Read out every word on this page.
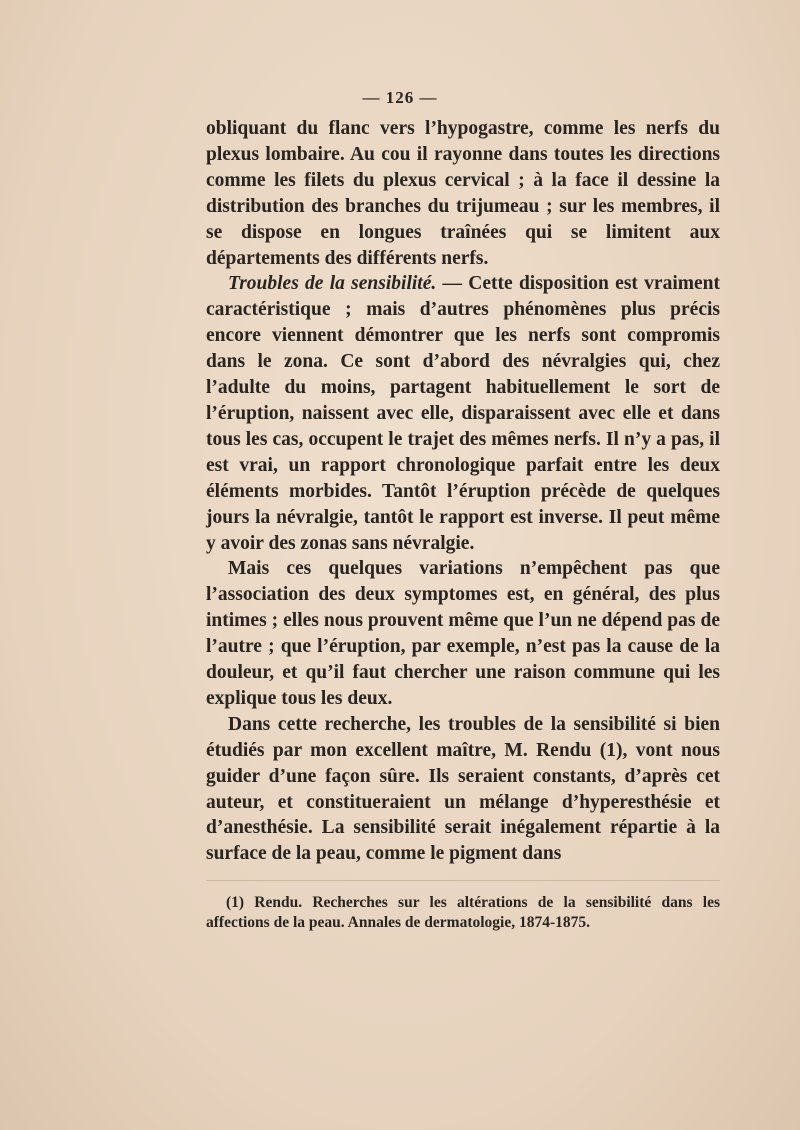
— 126 —

obliquant du flanc vers l’hypogastre, comme les nerfs du plexus lombaire. Au cou il rayonne dans toutes les directions comme les filets du plexus cervical ; à la face il dessine la distribution des branches du trijumeau ; sur les membres, il se dispose en longues traînées qui se limitent aux départements des différents nerfs.

Troubles de la sensibilité. — Cette disposition est vraiment caractéristique ; mais d’autres phénomènes plus précis encore viennent démontrer que les nerfs sont compromis dans le zona. Ce sont d’abord des névralgies qui, chez l’adulte du moins, partagent habituellement le sort de l’éruption, naissent avec elle, disparaissent avec elle et dans tous les cas, occupent le trajet des mêmes nerfs. Il n’y a pas, il est vrai, un rapport chronologique parfait entre les deux éléments morbides. Tantôt l’éruption précède de quelques jours la névralgie, tantôt le rapport est inverse. Il peut même y avoir des zonas sans névralgie.

Mais ces quelques variations n’empêchent pas que l’association des deux symptomes est, en général, des plus intimes ; elles nous prouvent même que l’un ne dépend pas de l’autre ; que l’éruption, par exemple, n’est pas la cause de la douleur, et qu’il faut chercher une raison commune qui les explique tous les deux.

Dans cette recherche, les troubles de la sensibilité si bien étudiés par mon excellent maître, M. Rendu (1), vont nous guider d’une façon sûre. Ils seraient constants, d’après cet auteur, et constitueraient un mélange d’hyperesthésie et d’anesthésie. La sensibilité serait inégalement répartie à la surface de la peau, comme le pigment dans

(1) Rendu. Recherches sur les altérations de la sensibilité dans les affections de la peau. Annales de dermatologie, 1874-1875.
